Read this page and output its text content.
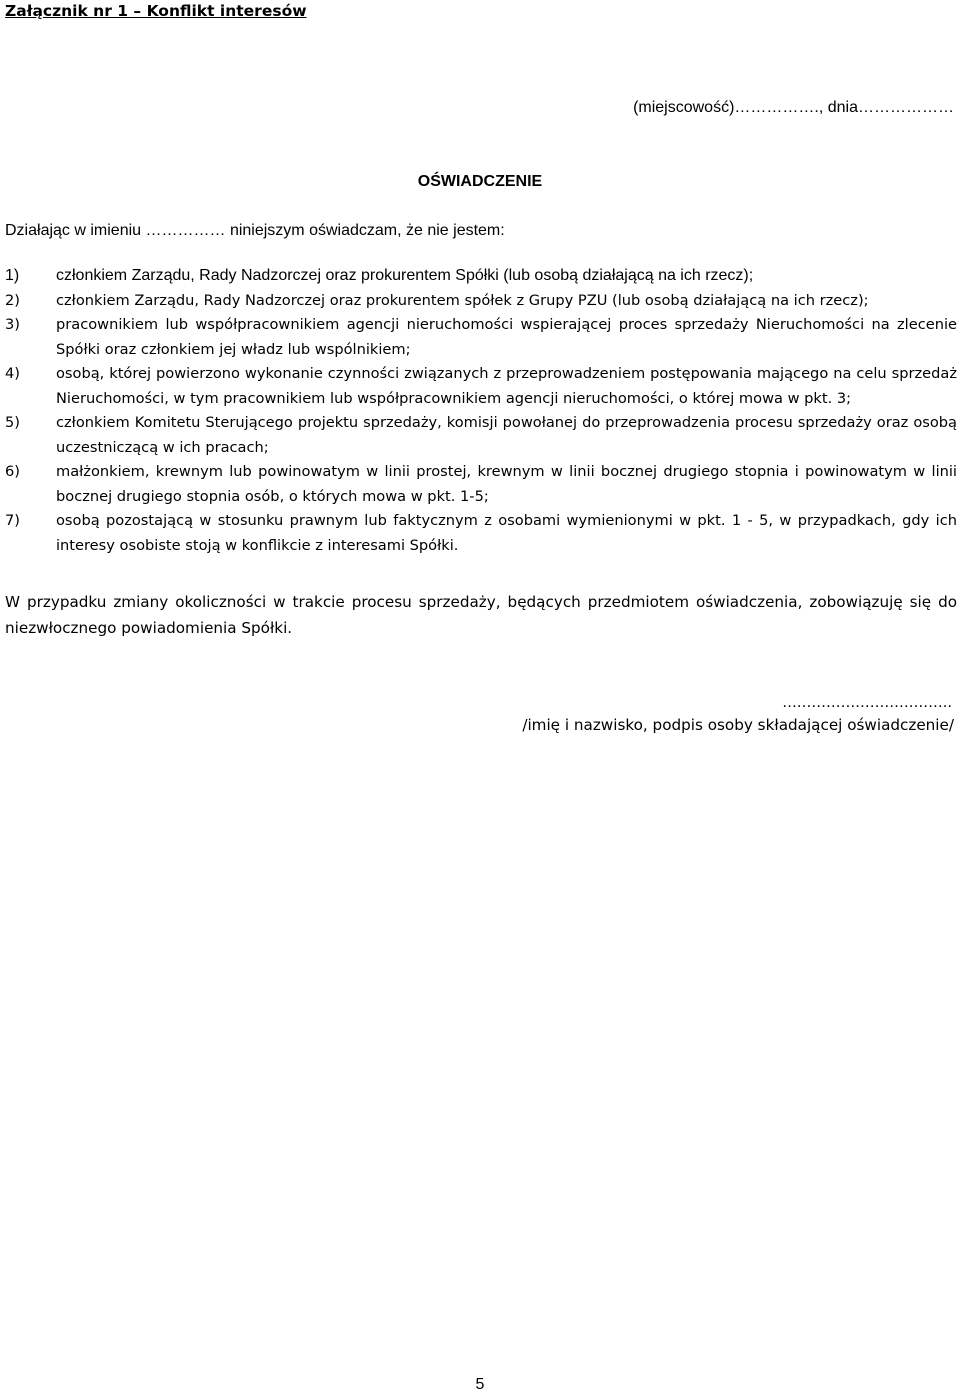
Załącznik nr 1 – Konflikt interesów
(miejscowość)……………., dnia………………
OŚWIADCZENIE
Działając w imieniu …………… niniejszym oświadczam, że nie jestem:
1)	członkiem Zarządu, Rady Nadzorczej oraz prokurentem Spółki (lub osobą działającą na ich rzecz);
2)	członkiem Zarządu, Rady Nadzorczej oraz prokurentem spółek z Grupy PZU (lub osobą działającą na ich rzecz);
3)	pracownikiem lub współpracownikiem agencji nieruchomości wspierającej proces sprzedaży Nieruchomości na zlecenie Spółki oraz członkiem jej władz lub wspólnikiem;
4)	osobą, której powierzono wykonanie czynności związanych z przeprowadzeniem postępowania mającego na celu sprzedaż Nieruchomości, w tym pracownikiem lub współpracownikiem agencji nieruchomości, o której mowa w pkt. 3;
5)	członkiem Komitetu Sterującego projektu sprzedaży, komisji powołanej do przeprowadzenia procesu sprzedaży oraz osobą uczestniczącą w ich pracach;
6)	małżonkiem, krewnym lub powinowatym w linii prostej, krewnym w linii bocznej drugiego stopnia i powinowatym w linii bocznej drugiego stopnia osób, o których mowa w pkt. 1-5;
7)	osobą pozostającą w stosunku prawnym lub faktycznym z osobami wymienionymi w pkt. 1 - 5, w przypadkach, gdy ich interesy osobiste stoją w konflikcie z interesami Spółki.

W przypadku zmiany okoliczności w trakcie procesu sprzedaży, będących przedmiotem oświadczenia, zobowiązuję się do niezwłocznego powiadomienia Spółki.

……………………………..
/imię i nazwisko, podpis osoby składającej oświadczenie/
5
